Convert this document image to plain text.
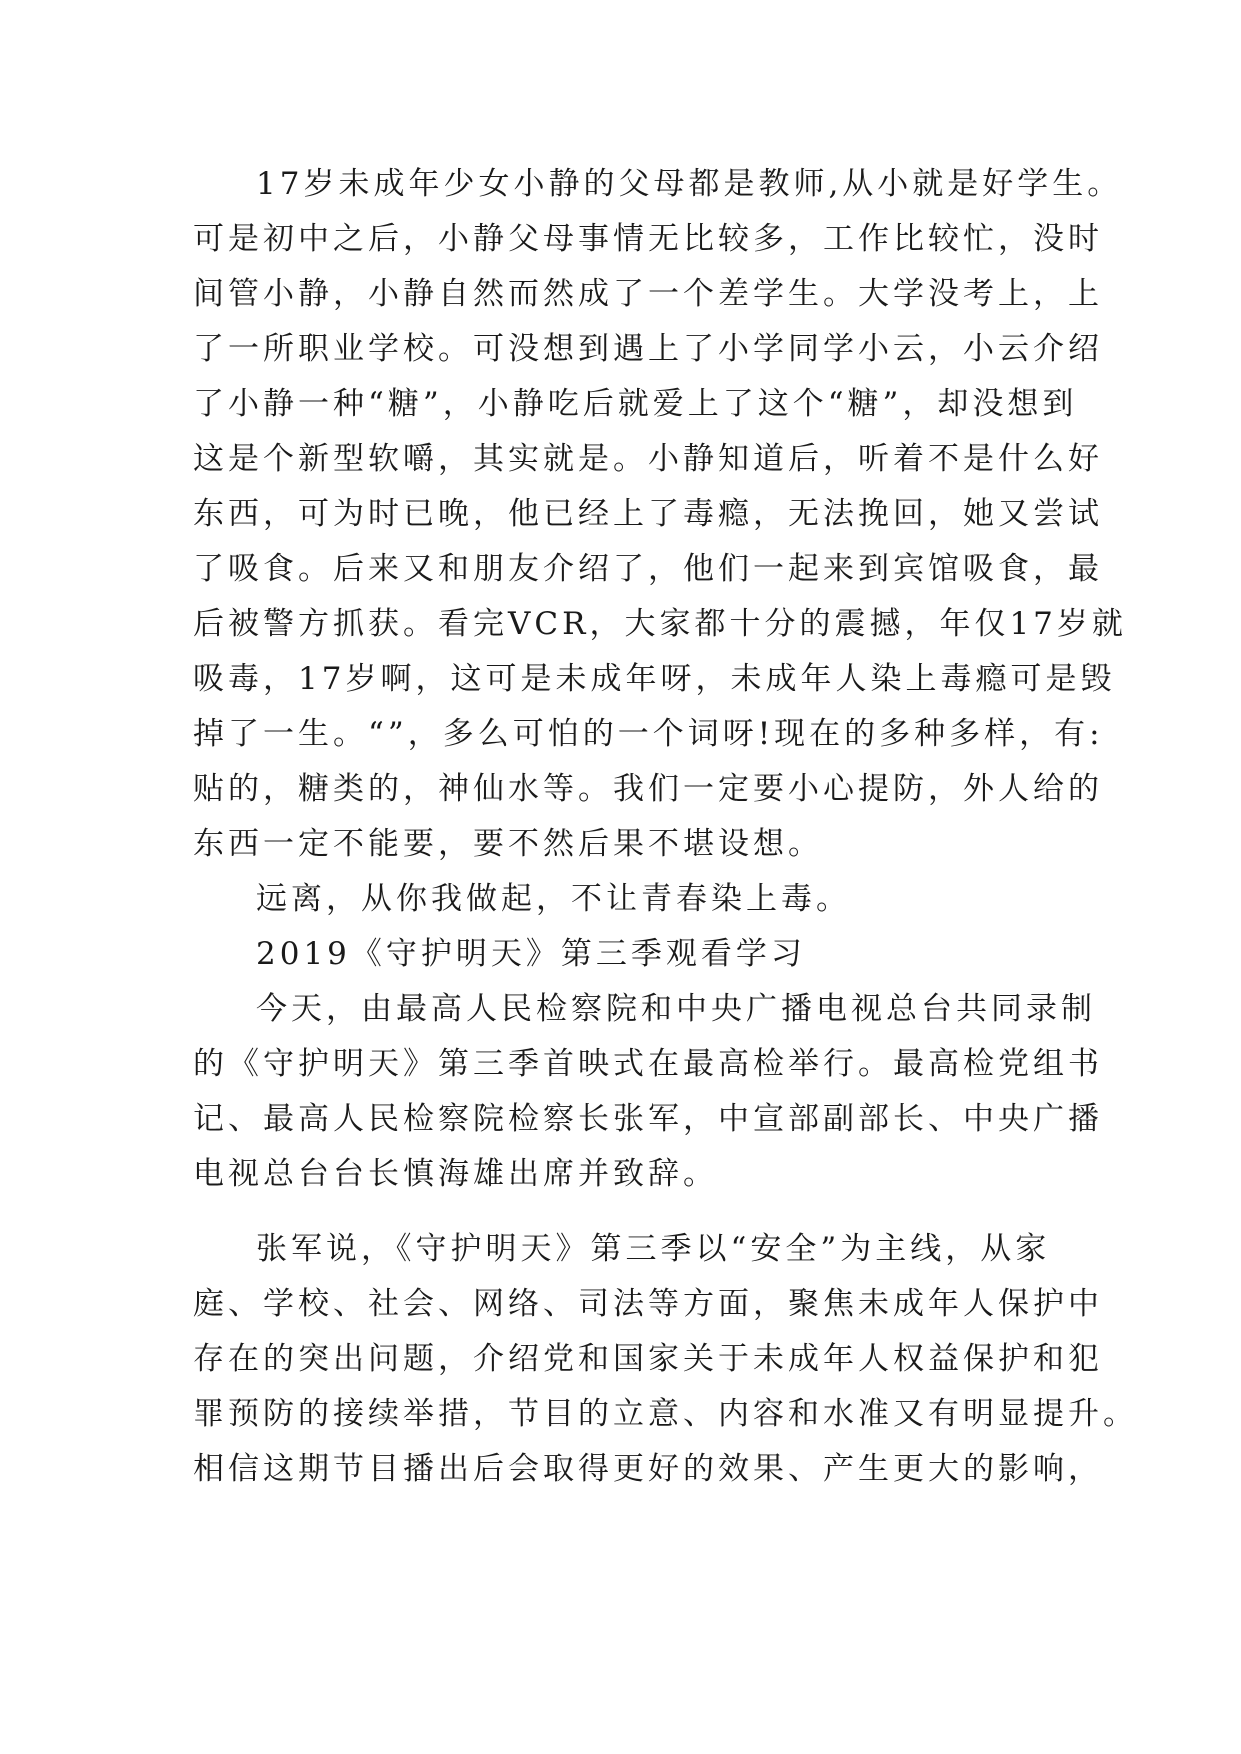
17岁未成年少女小静的父母都是教师,从小就是好学生。
可是初中之后，小静父母事情无比较多，工作比较忙，没时
间管小静，小静自然而然成了一个差学生。大学没考上，上
了一所职业学校。可没想到遇上了小学同学小云，小云介绍
了小静一种“糖”，小静吃后就爱上了这个“糖”，却没想到
这是个新型软嚼，其实就是。小静知道后，听着不是什么好
东西，可为时已晚，他已经上了毒瘾，无法挽回，她又尝试
了吸食。后来又和朋友介绍了，他们一起来到宾馆吸食，最
后被警方抓获。看完VCR，大家都十分的震撼，年仅17岁就
吸毒，17岁啊，这可是未成年呀，未成年人染上毒瘾可是毁
掉了一生。“”，多么可怕的一个词呀!现在的多种多样，有:
贴的，糖类的，神仙水等。我们一定要小心提防，外人给的
东西一定不能要，要不然后果不堪设想。
远离，从你我做起，不让青春染上毒。
2019《守护明天》第三季观看学习
今天，由最高人民检察院和中央广播电视总台共同录制
的《守护明天》第三季首映式在最高检举行。最高检党组书
记、最高人民检察院检察长张军，中宣部副部长、中央广播
电视总台台长慎海雄出席并致辞。
张军说，《守护明天》第三季以“安全”为主线，从家
庭、学校、社会、网络、司法等方面，聚焦未成年人保护中
存在的突出问题，介绍党和国家关于未成年人权益保护和犯
罪预防的接续举措，节目的立意、内容和水准又有明显提升。
相信这期节目播出后会取得更好的效果、产生更大的影响，
